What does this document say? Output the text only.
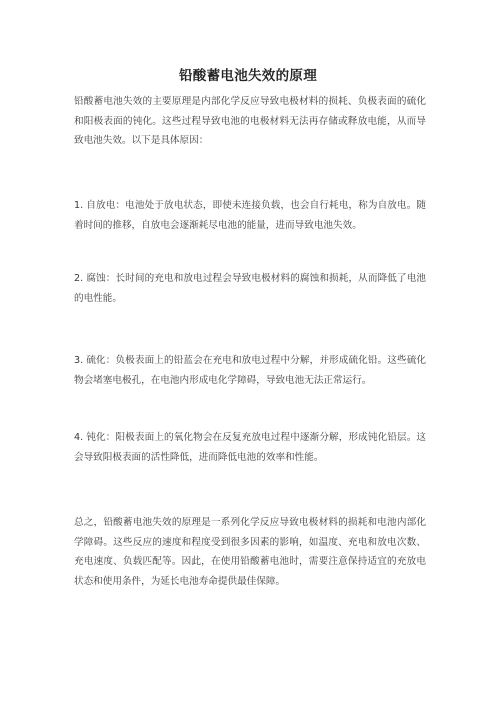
铅酸蓄电池失效的原理
铅酸蓄电池失效的主要原理是内部化学反应导致电极材料的损耗、负极表面的硫化和阳极表面的钝化。这些过程导致电池的电极材料无法再存储或释放电能，从而导致电池失效。以下是具体原因：
1. 自放电：电池处于放电状态，即使未连接负载，也会自行耗电，称为自放电。随着时间的推移，自放电会逐渐耗尽电池的能量，进而导致电池失效。
2. 腐蚀：长时间的充电和放电过程会导致电极材料的腐蚀和损耗，从而降低了电池的电性能。
3. 硫化：负极表面上的铅蓝会在充电和放电过程中分解，并形成硫化铅。这些硫化物会堵塞电极孔，在电池内形成电化学障碍，导致电池无法正常运行。
4. 钝化：阳极表面上的氧化物会在反复充放电过程中逐渐分解，形成钝化铅层。这会导致阳极表面的活性降低，进而降低电池的效率和性能。
总之，铅酸蓄电池失效的原理是一系列化学反应导致电极材料的损耗和电池内部化学障碍。这些反应的速度和程度受到很多因素的影响，如温度、充电和放电次数、充电速度、负载匹配等。因此，在使用铅酸蓄电池时，需要注意保持适宜的充放电状态和使用条件，为延长电池寿命提供最佳保障。
